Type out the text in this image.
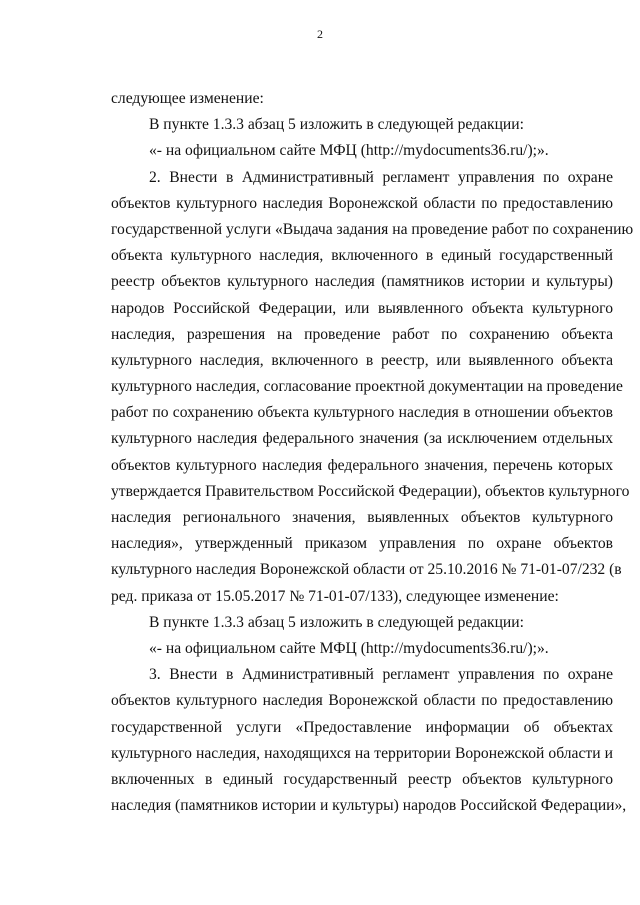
2
следующее изменение:
В пункте 1.3.3 абзац 5 изложить в следующей редакции:
«- на официальном сайте МФЦ (http://mydocuments36.ru/);».
2. Внести в Административный регламент управления по охране
объектов культурного наследия Воронежской области по предоставлению
государственной услуги «Выдача задания на проведение работ по сохранению
объекта культурного наследия, включенного в единый государственный
реестр объектов культурного наследия (памятников истории и культуры)
народов Российской Федерации, или выявленного объекта культурного
наследия, разрешения на проведение работ по сохранению объекта
культурного наследия, включенного в реестр, или выявленного объекта
культурного наследия, согласование проектной документации на проведение
работ по сохранению объекта культурного наследия в отношении объектов
культурного наследия федерального значения (за исключением отдельных
объектов культурного наследия федерального значения, перечень которых
утверждается Правительством Российской Федерации), объектов культурного
наследия регионального значения, выявленных объектов культурного
наследия», утвержденный приказом управления по охране объектов
культурного наследия Воронежской области от 25.10.2016 № 71-01-07/232 (в
ред. приказа от 15.05.2017 № 71-01-07/133), следующее изменение:
В пункте 1.3.3 абзац 5 изложить в следующей редакции:
«- на официальном сайте МФЦ (http://mydocuments36.ru/);».
3. Внести в Административный регламент управления по охране
объектов культурного наследия Воронежской области по предоставлению
государственной услуги «Предоставление информации об объектах
культурного наследия, находящихся на территории Воронежской области и
включенных в единый государственный реестр объектов культурного
наследия (памятников истории и культуры) народов Российской Федерации»,
